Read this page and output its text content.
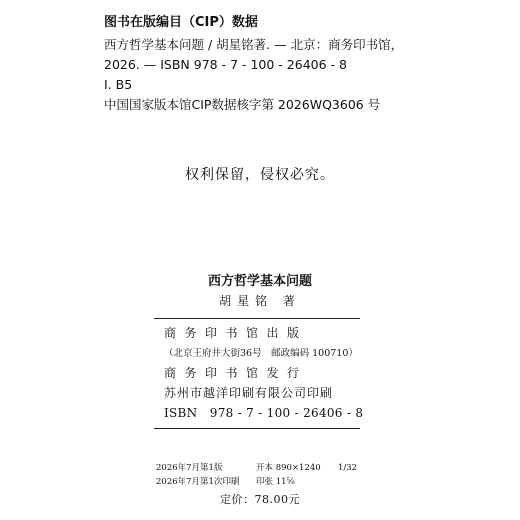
图书在版编目（CIP）数据
西方哲学基本问题 / 胡星铭著. — 北京：商务印书馆，
2026. — ISBN 978 - 7 - 100 - 26406 - 8
Ⅰ. B5
中国国家版本馆CIP数据核字第 2026WQ3606 号
权利保留，侵权必究。
西方哲学基本问题
胡星铭 著
商务印书馆出版
（北京王府井大街36号　邮政编码 100710）
商务印书馆发行
苏州市越洋印刷有限公司印刷
ISBN　978 - 7 - 100 - 26406 - 8
2026年7月第1版	开本 890×1240	1/32
2026年7月第1次印刷	印张 11⅝
定价：78.00元
